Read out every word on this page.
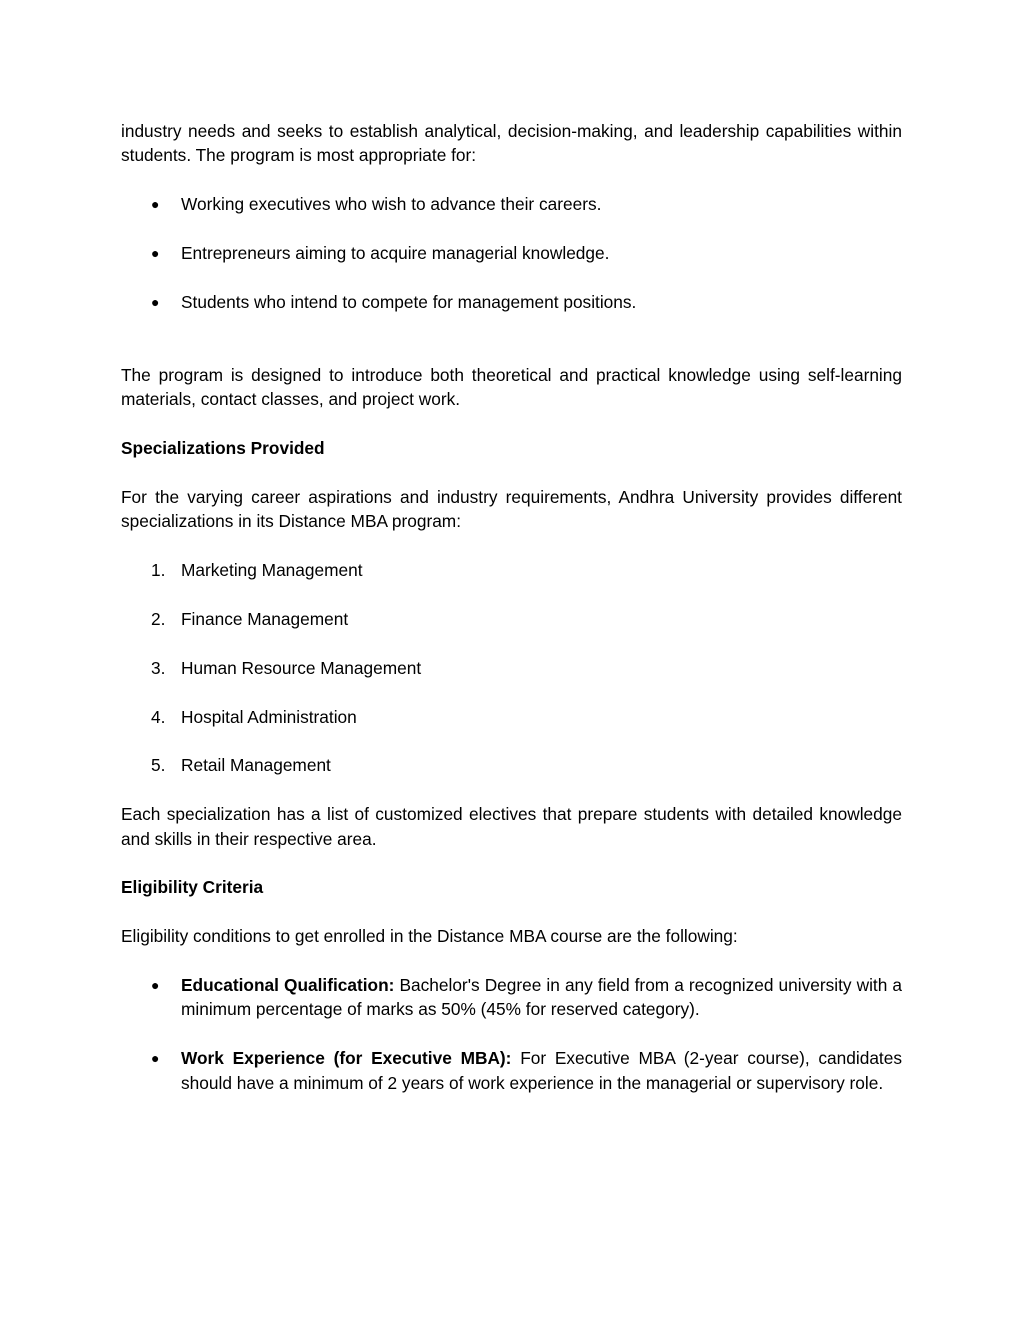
industry needs and seeks to establish analytical, decision-making, and leadership capabilities within students. The program is most appropriate for:

● Working executives who wish to advance their careers.
● Entrepreneurs aiming to acquire managerial knowledge.
● Students who intend to compete for management positions.

The program is designed to introduce both theoretical and practical knowledge using self-learning materials, contact classes, and project work.

Specializations Provided

For the varying career aspirations and industry requirements, Andhra University provides different specializations in its Distance MBA program:

1. Marketing Management
2. Finance Management
3. Human Resource Management
4. Hospital Administration
5. Retail Management

Each specialization has a list of customized electives that prepare students with detailed knowledge and skills in their respective area.

Eligibility Criteria

Eligibility conditions to get enrolled in the Distance MBA course are the following:

● Educational Qualification: Bachelor's Degree in any field from a recognized university with a minimum percentage of marks as 50% (45% for reserved category).
● Work Experience (for Executive MBA): For Executive MBA (2-year course), candidates should have a minimum of 2 years of work experience in the managerial or supervisory role.
